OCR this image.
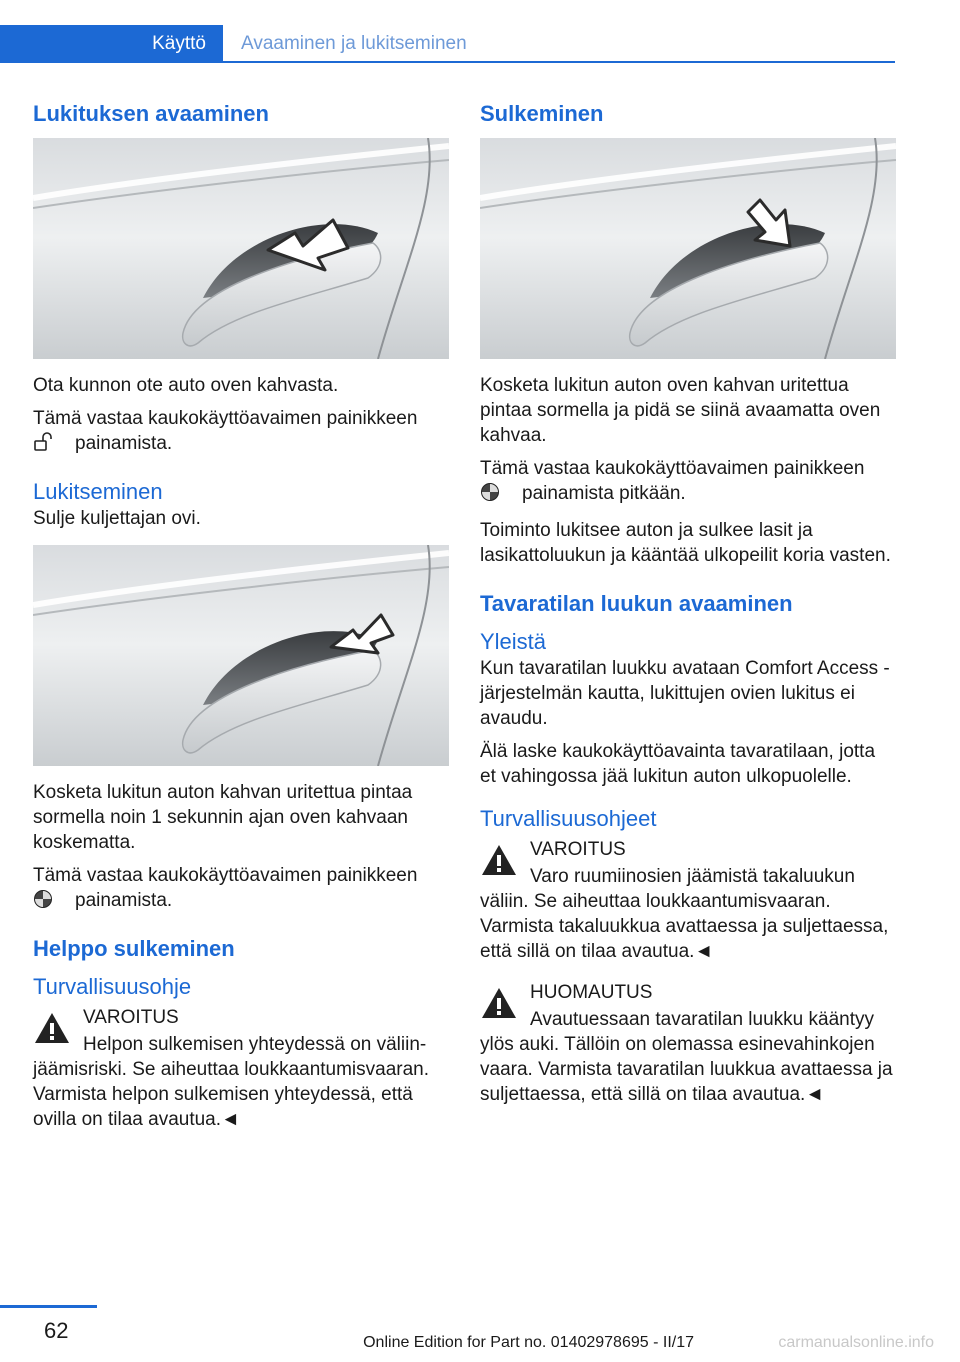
Käyttö	Avaaminen ja lukitseminen
Lukituksen avaaminen

Ota kunnon ote auto oven kahvasta.

Tämä vastaa kaukokäyttöavaimen painikkeen
painamista.

Lukitseminen

Sulje kuljettajan ovi.

Kosketa lukitun auton kahvan uritettua pintaa sormella noin 1 sekunnin ajan oven kahvaan koskematta.

Tämä vastaa kaukokäyttöavaimen painikkeen
painamista.

Helppo sulkeminen
Turvallisuusohje

VAROITUS

Helpon sulkemisen yhteydessä on väliin-

jäämisriski. Se aiheuttaa loukkaantumisvaaran. Varmista helpon sulkemisen yhteydessä, että ovilla on tilaa avautua.◄

Sulkeminen

Kosketa lukitun auton oven kahvan uritettua pintaa sormella ja pidä se siinä avaamatta oven kahvaa.

Tämä vastaa kaukokäyttöavaimen painikkeen
painamista pitkään.

Toiminto lukitsee auton ja sulkee lasit ja lasikattoluukun ja kääntää ulkopeilit koria vasten.

Tavaratilan luukun avaaminen
Yleistä

Kun tavaratilan luukku avataan Comfort Access -järjestelmän kautta, lukittujen ovien lukitus ei avaudu.

Älä laske kaukokäyttöavainta tavaratilaan, jotta et vahingossa jää lukitun auton ulkopuolelle.

Turvallisuusohjeet

VAROITUS

Varo ruumiinosien jäämistä takaluukun

väliin. Se aiheuttaa loukkaantumisvaaran. Varmista takaluukkua avattaessa ja suljettaessa, että sillä on tilaa avautua.◄

HUOMAUTUS

Avautuessaan tavaratilan luukku kääntyy

ylös auki. Tällöin on olemassa esinevahinkojen vaara. Varmista tavaratilan luukkua avattaessa ja suljettaessa, että sillä on tilaa avautua.◄

62	Online Edition for Part no. 01402978695 - II/17	carmanualsonline.info
